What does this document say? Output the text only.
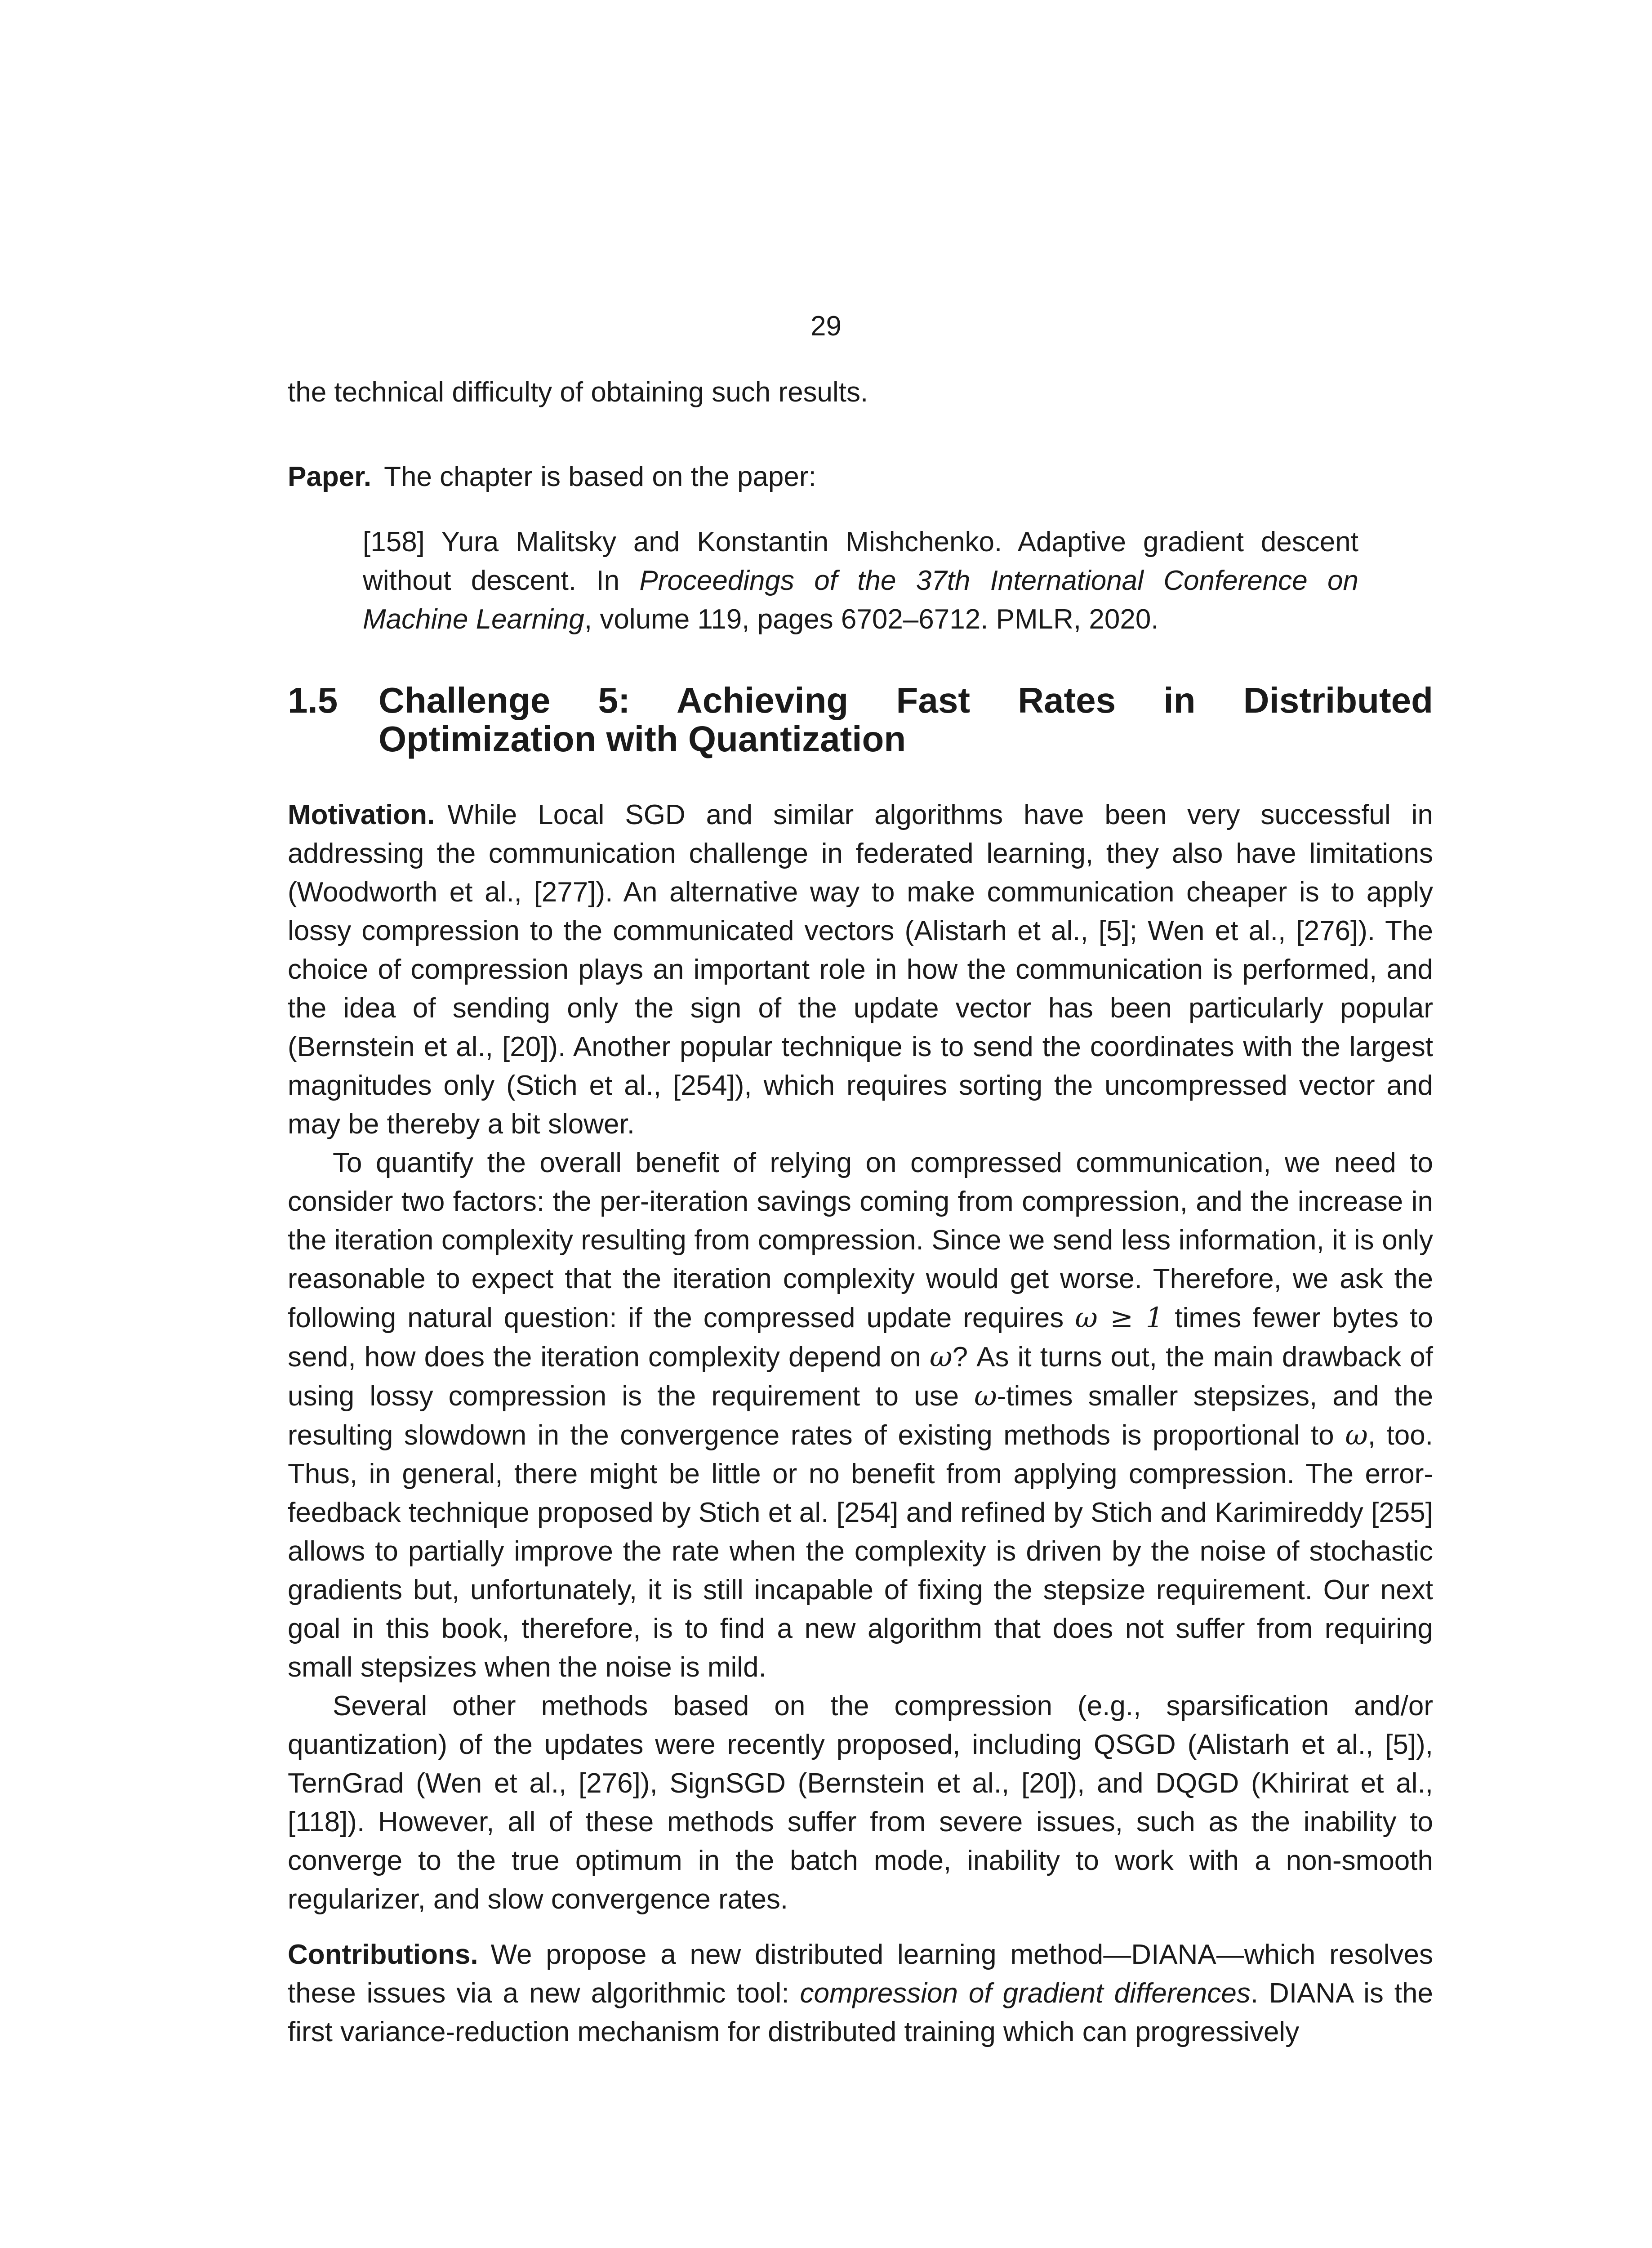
29

the technical difficulty of obtaining such results.

Paper. The chapter is based on the paper:

[158] Yura Malitsky and Konstantin Mishchenko. Adaptive gradient descent without descent. In Proceedings of the 37th International Conference on Machine Learning, volume 119, pages 6702–6712. PMLR, 2020.

1.5 Challenge 5: Achieving Fast Rates in Distributed Optimization with Quantization

Motivation. While Local SGD and similar algorithms have been very successful in addressing the communication challenge in federated learning, they also have limitations (Woodworth et al., [277]). An alternative way to make communication cheaper is to apply lossy compression to the communicated vectors (Alistarh et al., [5]; Wen et al., [276]). The choice of compression plays an important role in how the communication is performed, and the idea of sending only the sign of the update vector has been particularly popular (Bernstein et al., [20]). Another popular technique is to send the coordinates with the largest magnitudes only (Stich et al., [254]), which requires sorting the uncompressed vector and may be thereby a bit slower.

To quantify the overall benefit of relying on compressed communication, we need to consider two factors: the per-iteration savings coming from compression, and the increase in the iteration complexity resulting from compression. Since we send less information, it is only reasonable to expect that the iteration complexity would get worse. Therefore, we ask the following natural question: if the compressed update requires ω ≥ 1 times fewer bytes to send, how does the iteration complexity depend on ω? As it turns out, the main drawback of using lossy compression is the requirement to use ω-times smaller stepsizes, and the resulting slowdown in the convergence rates of existing methods is proportional to ω, too. Thus, in general, there might be little or no benefit from applying compression. The error-feedback technique proposed by Stich et al. [254] and refined by Stich and Karimireddy [255] allows to partially improve the rate when the complexity is driven by the noise of stochastic gradients but, unfortunately, it is still incapable of fixing the stepsize requirement. Our next goal in this book, therefore, is to find a new algorithm that does not suffer from requiring small stepsizes when the noise is mild.

Several other methods based on the compression (e.g., sparsification and/or quantization) of the updates were recently proposed, including QSGD (Alistarh et al., [5]), TernGrad (Wen et al., [276]), SignSGD (Bernstein et al., [20]), and DQGD (Khirirat et al., [118]). However, all of these methods suffer from severe issues, such as the inability to converge to the true optimum in the batch mode, inability to work with a non-smooth regularizer, and slow convergence rates.

Contributions. We propose a new distributed learning method—DIANA—which resolves these issues via a new algorithmic tool: compression of gradient differences. DIANA is the first variance-reduction mechanism for distributed training which can progressively
